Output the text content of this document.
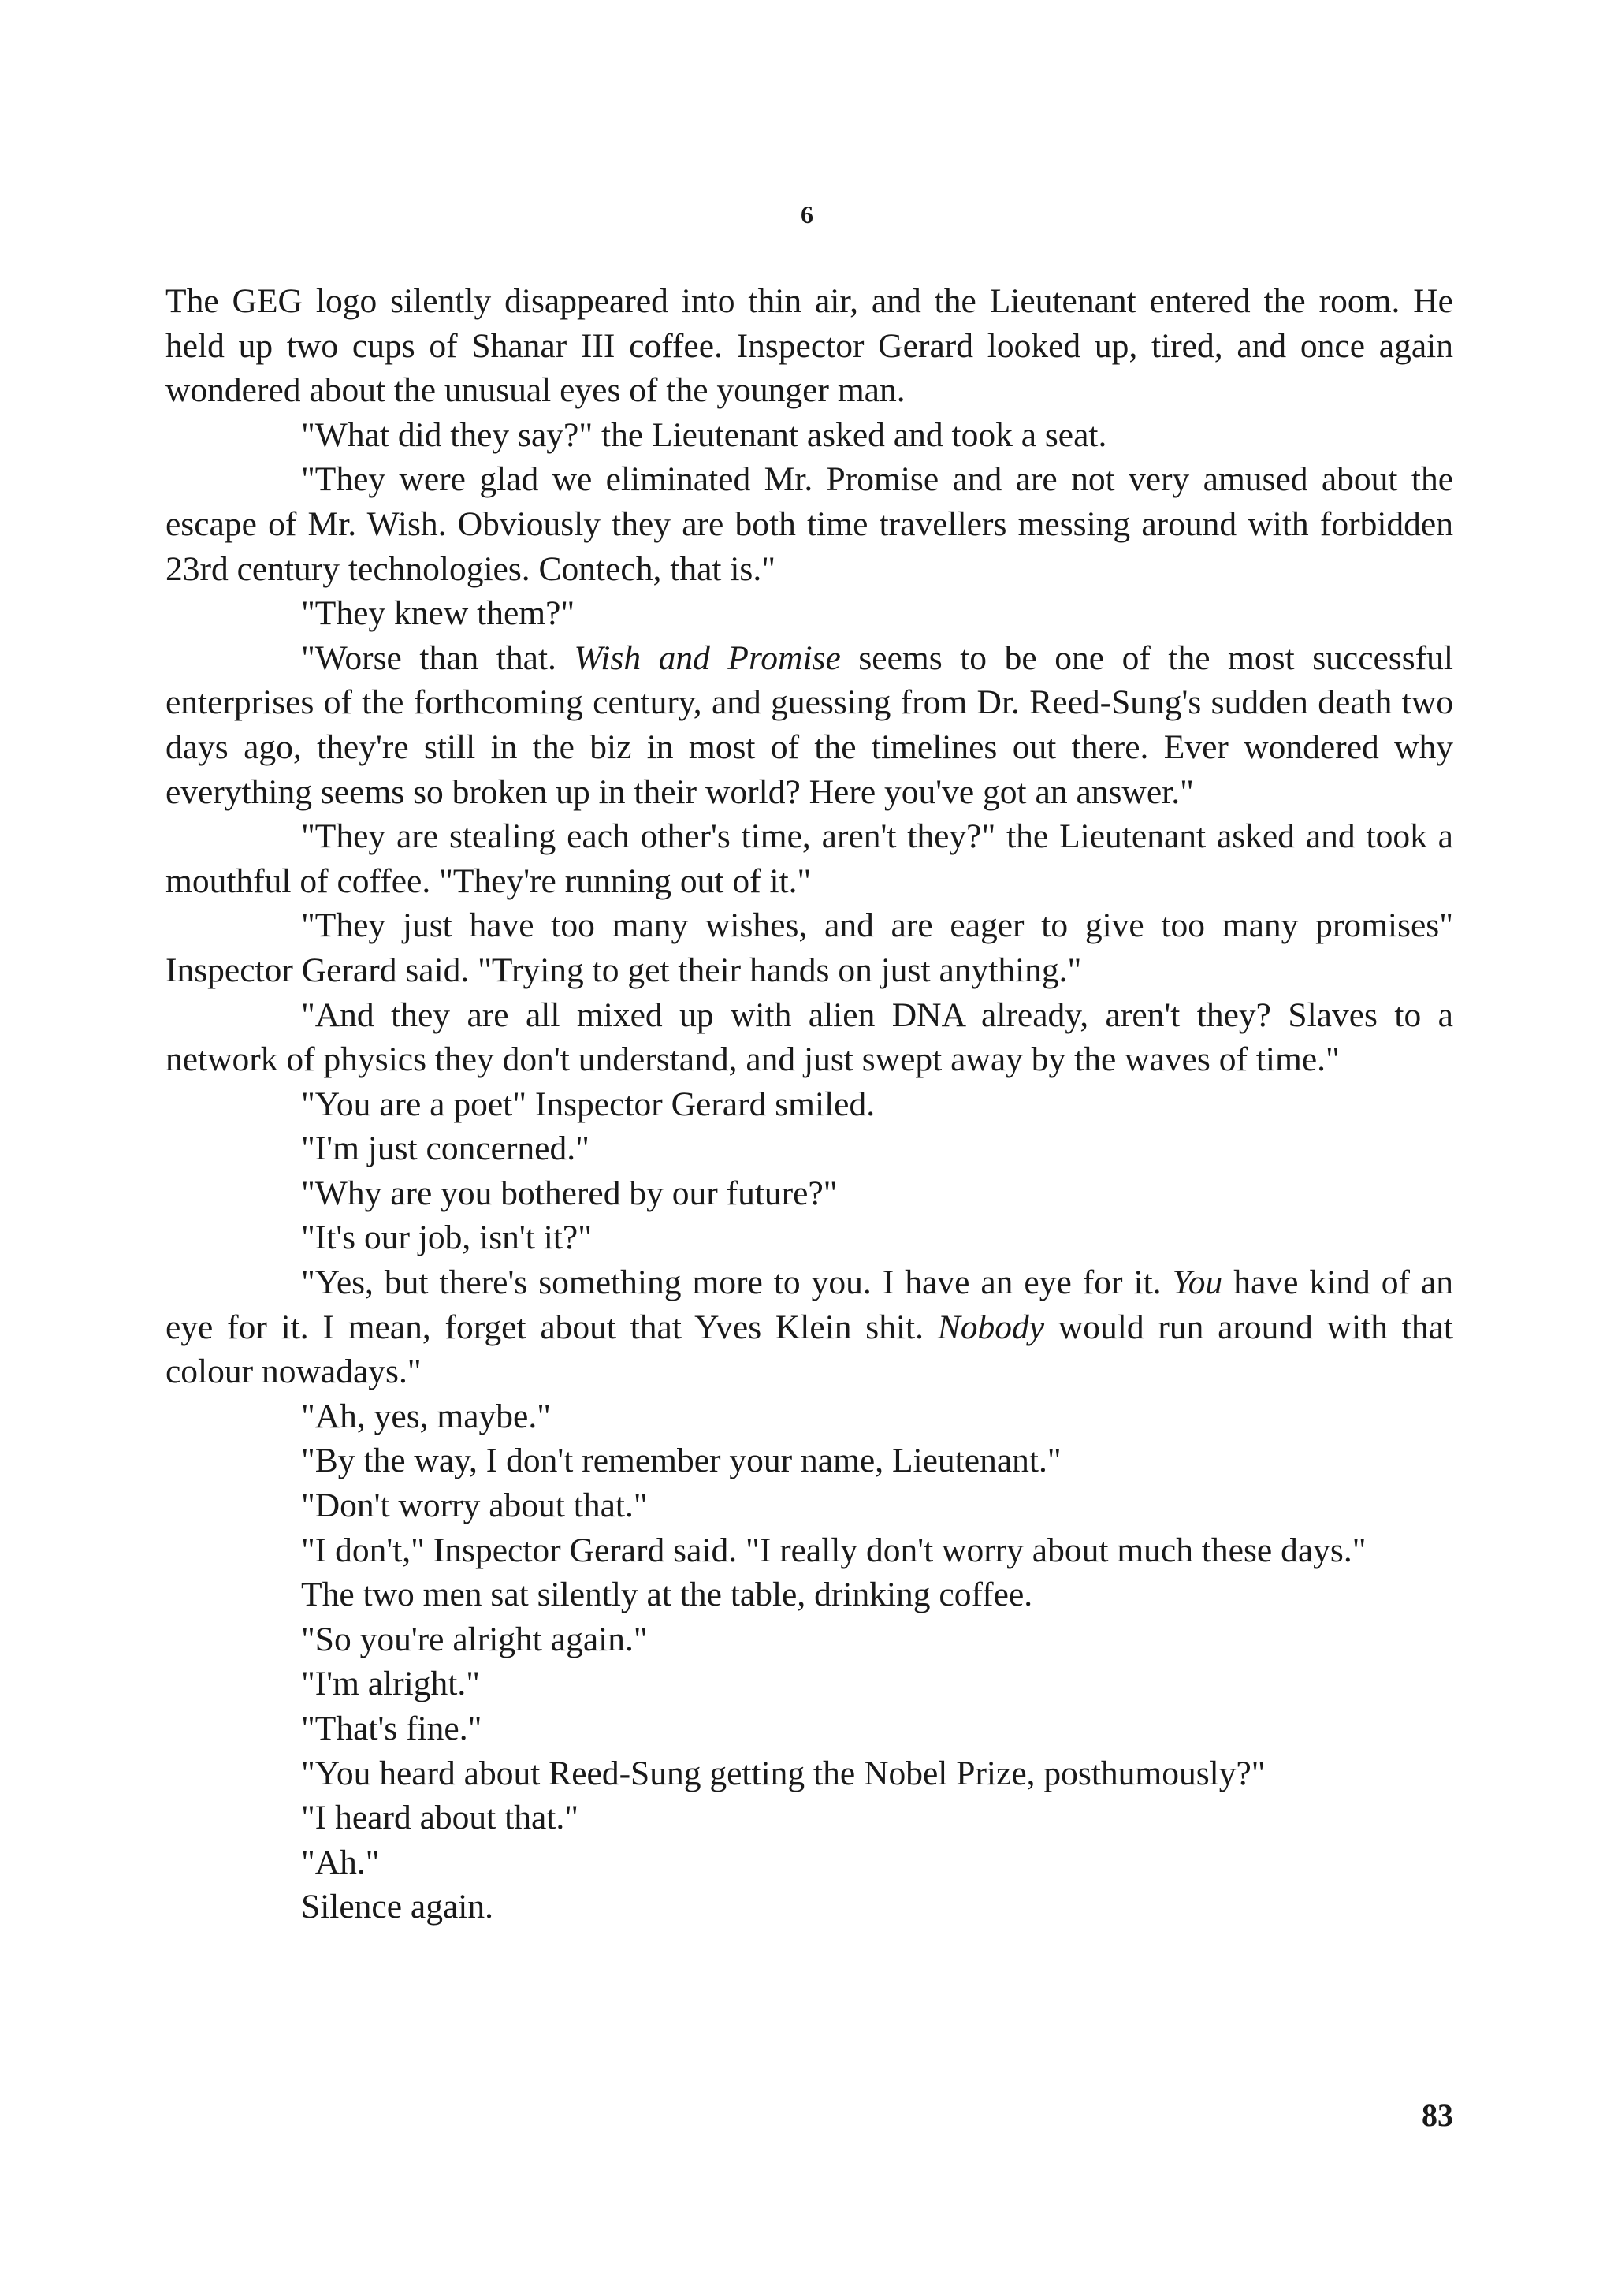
6

The GEG logo silently disappeared into thin air, and the Lieutenant entered the room. He held up two cups of Shanar III coffee. Inspector Gerard looked up, tired, and once again wondered about the unusual eyes of the younger man.

"What did they say?" the Lieutenant asked and took a seat.

"They were glad we eliminated Mr. Promise and are not very amused about the escape of Mr. Wish. Obviously they are both time travellers messing around with forbidden 23rd century technologies. Contech, that is."

"They knew them?"

"Worse than that. Wish and Promise seems to be one of the most successful enterprises of the forthcoming century, and guessing from Dr. Reed-Sung's sudden death two days ago, they're still in the biz in most of the timelines out there. Ever wondered why everything seems so broken up in their world? Here you've got an answer."

"They are stealing each other's time, aren't they?" the Lieutenant asked and took a mouthful of coffee. "They're running out of it."

"They just have too many wishes, and are eager to give too many promises" Inspector Gerard said. "Trying to get their hands on just anything."

"And they are all mixed up with alien DNA already, aren't they? Slaves to a network of physics they don't understand, and just swept away by the waves of time."

"You are a poet" Inspector Gerard smiled.

"I'm just concerned."

"Why are you bothered by our future?"

"It's our job, isn't it?"

"Yes, but there's something more to you. I have an eye for it. You have kind of an eye for it. I mean, forget about that Yves Klein shit. Nobody would run around with that colour nowadays."

"Ah, yes, maybe."

"By the way, I don't remember your name, Lieutenant."

"Don't worry about that."

"I don't," Inspector Gerard said. "I really don't worry about much these days."

The two men sat silently at the table, drinking coffee.

"So you're alright again."

"I'm alright."

"That's fine."

"You heard about Reed-Sung getting the Nobel Prize, posthumously?"

"I heard about that."

"Ah."

Silence again.

83
